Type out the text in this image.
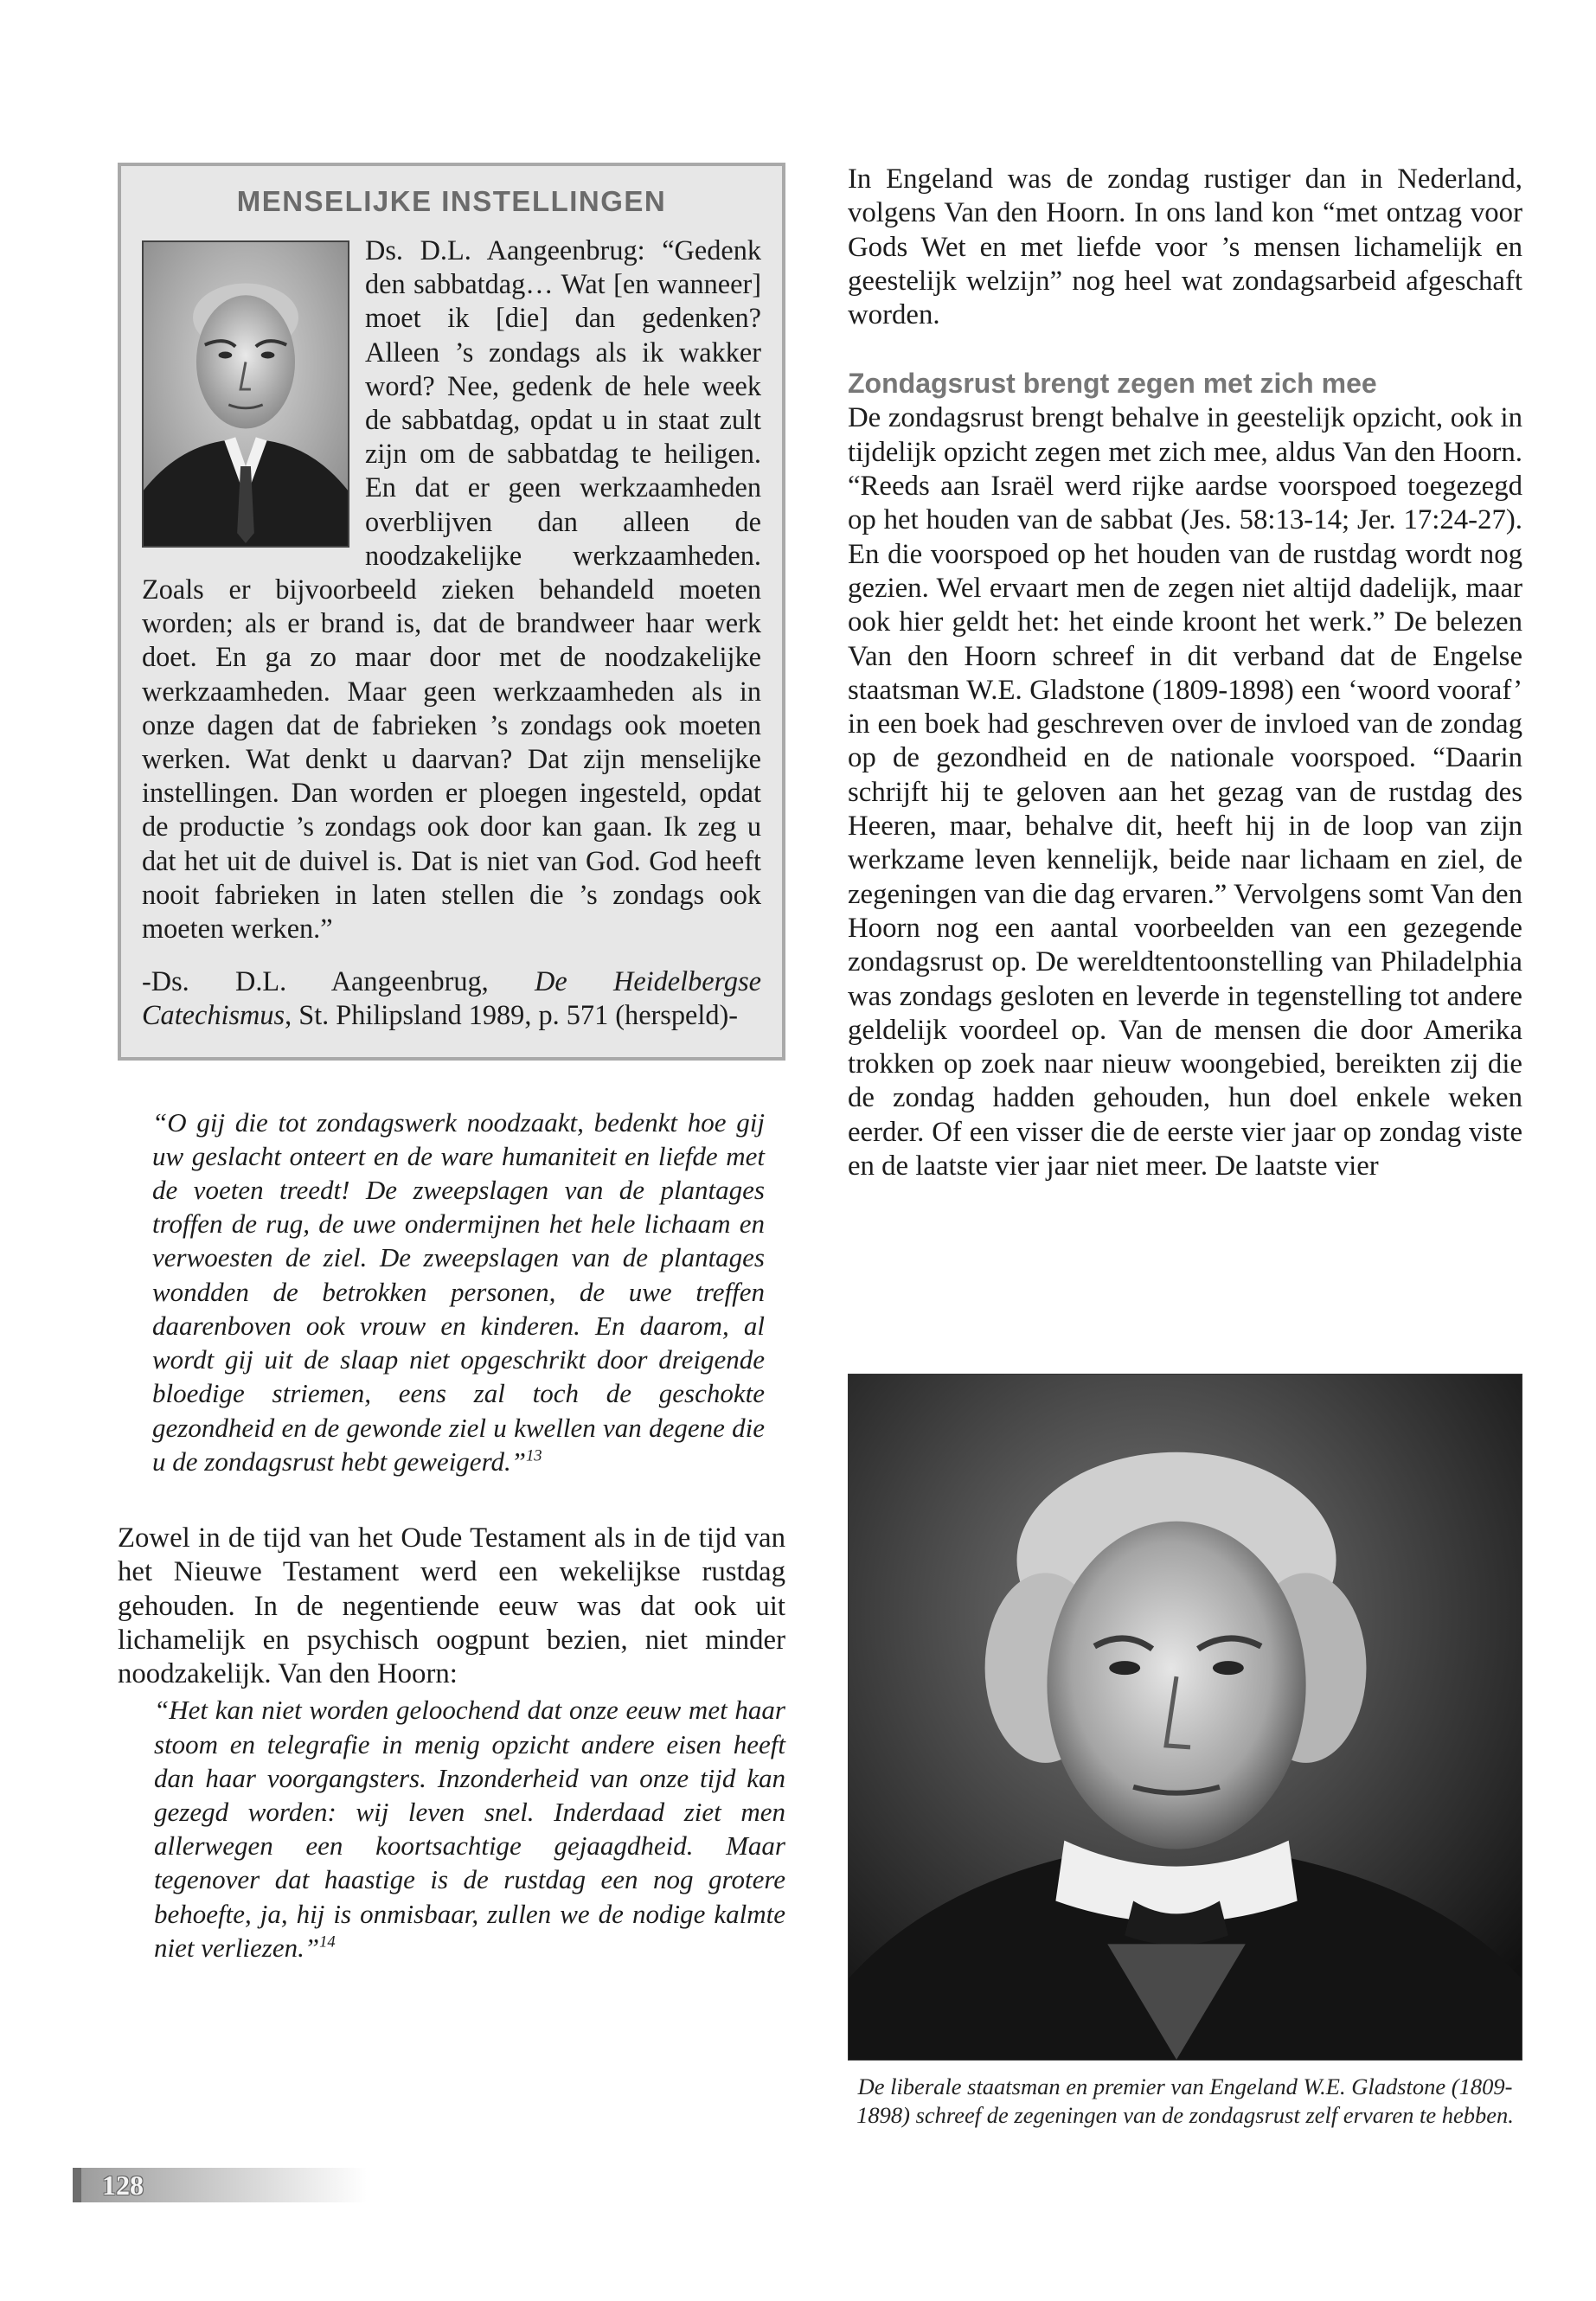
MENSELIJKE INSTELLINGEN

Ds. D.L. Aangeenbrug: “Gedenk den sabbatdag… Wat [en wanneer] moet ik [die] dan gedenken? Alleen ’s zondags als ik wakker word? Nee, gedenk de hele week de sabbatdag, opdat u in staat zult zijn om de sabbatdag te heiligen. En dat er geen werkzaamheden overblijven dan alleen de noodzakelijke werkzaamheden. Zoals er bijvoorbeeld zieken behandeld moeten worden; als er brand is, dat de brandweer haar werk doet. En ga zo maar door met de noodzakelijke werkzaamheden. Maar geen werkzaamheden als in onze dagen dat de fabrieken ’s zondags ook moeten werken. Wat denkt u daarvan? Dat zijn menselijke instellingen. Dan worden er ploegen ingesteld, opdat de productie ’s zondags ook door kan gaan. Ik zeg u dat het uit de duivel is. Dat is niet van God. God heeft nooit fabrieken in laten stellen die ’s zondags ook moeten werken.”

-Ds. D.L. Aangeenbrug, De Heidelbergse Catechismus, St. Philipsland 1989, p. 571 (herspeld)-

“O gij die tot zondagswerk noodzaakt, bedenkt hoe gij uw geslacht onteert en de ware humaniteit en liefde met de voeten treedt! De zweepslagen van de plantages troffen de rug, de uwe ondermijnen het hele lichaam en verwoesten de ziel. De zweepslagen van de plantages wondden de betrokken personen, de uwe treffen daarenboven ook vrouw en kinderen. En daarom, al wordt gij uit de slaap niet opgeschrikt door dreigende bloedige striemen, eens zal toch de geschokte gezondheid en de gewonde ziel u kwellen van degene die u de zondagsrust hebt geweigerd.”$^{13}$

Zowel in de tijd van het Oude Testament als in de tijd van het Nieuwe Testament werd een wekelijkse rustdag gehouden. In de negentiende eeuw was dat ook uit lichamelijk en psychisch oogpunt bezien, niet minder noodzakelijk. Van den Hoorn:

“Het kan niet worden geloochend dat onze eeuw met haar stoom en telegrafie in menig opzicht andere eisen heeft dan haar voorgangsters. Inzonderheid van onze tijd kan gezegd worden: wij leven snel. Inderdaad ziet men allerwegen een koortsachtige gejaagdheid. Maar tegenover dat haastige is de rustdag een nog grotere behoefte, ja, hij is onmisbaar, zullen we de nodige kalmte niet verliezen.”$^{14}$

In Engeland was de zondag rustiger dan in Nederland, volgens Van den Hoorn. In ons land kon “met ontzag voor Gods Wet en met liefde voor ’s mensen lichamelijk en geestelijk welzijn” nog heel wat zondagsarbeid afgeschaft worden.

Zondagsrust brengt zegen met zich mee

De zondagsrust brengt behalve in geestelijk opzicht, ook in tijdelijk opzicht zegen met zich mee, aldus Van den Hoorn. “Reeds aan Israël werd rijke aardse voorspoed toegezegd op het houden van de sabbat (Jes. 58:13-14; Jer. 17:24-27). En die voorspoed op het houden van de rustdag wordt nog gezien. Wel ervaart men de zegen niet altijd dadelijk, maar ook hier geldt het: het einde kroont het werk.” De belezen Van den Hoorn schreef in dit verband dat de Engelse staatsman W.E. Gladstone (1809-1898) een ‘woord vooraf’ in een boek had geschreven over de invloed van de zondag op de gezondheid en de nationale voorspoed. “Daarin schrijft hij te geloven aan het gezag van de rustdag des Heeren, maar, behalve dit, heeft hij in de loop van zijn werkzame leven kennelijk, beide naar lichaam en ziel, de zegeningen van die dag ervaren.” Vervolgens somt Van den Hoorn nog een aantal voorbeelden van een gezegende zondagsrust op. De wereldtentoonstelling van Philadelphia was zondags gesloten en leverde in tegenstelling tot andere geldelijk voordeel op. Van de mensen die door Amerika trokken op zoek naar nieuw woongebied, bereikten zij die de zondag hadden gehouden, hun doel enkele weken eerder. Of een visser die de eerste vier jaar op zondag viste en de laatste vier jaar niet meer. De laatste vier

De liberale staatsman en premier van Engeland W.E. Gladstone (1809-1898) schreef de zegeningen van de zondagsrust zelf ervaren te hebben.
128
